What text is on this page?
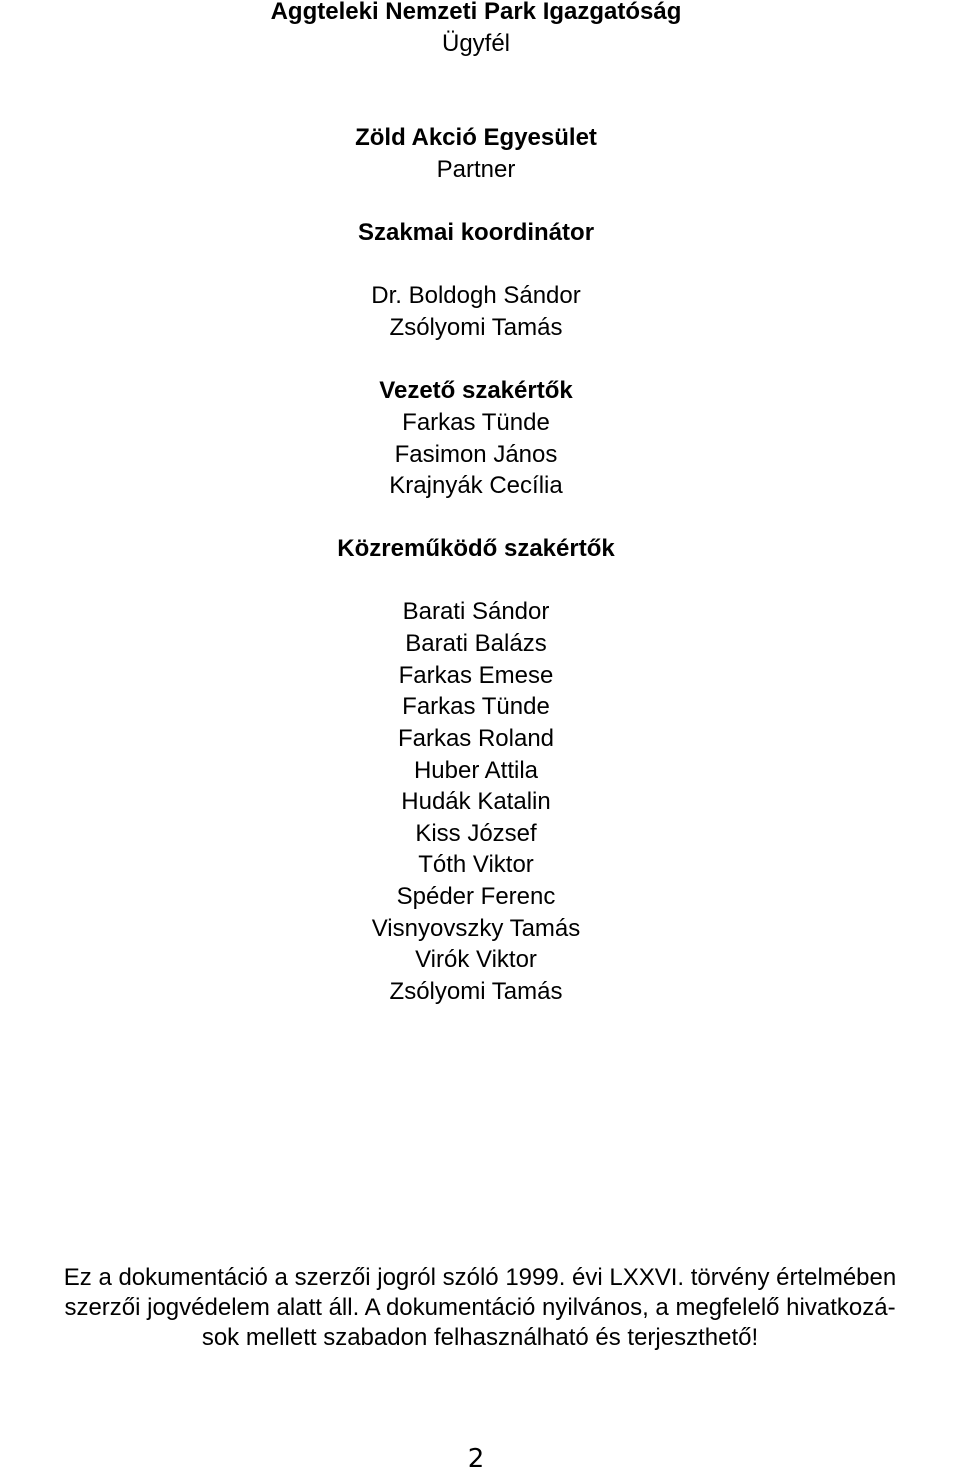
Aggteleki Nemzeti Park Igazgatóság
Ügyfél
Zöld Akció Egyesület
Partner
Szakmai koordinátor
Dr. Boldogh Sándor
Zsólyomi Tamás
Vezető szakértők
Farkas Tünde
Fasimon János
Krajnyák Cecília
Közreműködő szakértők
Barati Sándor
Barati Balázs
Farkas Emese
Farkas Tünde
Farkas Roland
Huber Attila
Hudák Katalin
Kiss József
Tóth Viktor
Spéder Ferenc
Visnyovszky Tamás
Virók Viktor
Zsólyomi Tamás
Ez a dokumentáció a szerzői jogról szóló 1999. évi LXXVI. törvény értelmében
szerzői jogvédelem alatt áll. A dokumentáció nyilvános, a megfelelő hivatkozá-
sok mellett szabadon felhasználható és terjeszthető!
2
